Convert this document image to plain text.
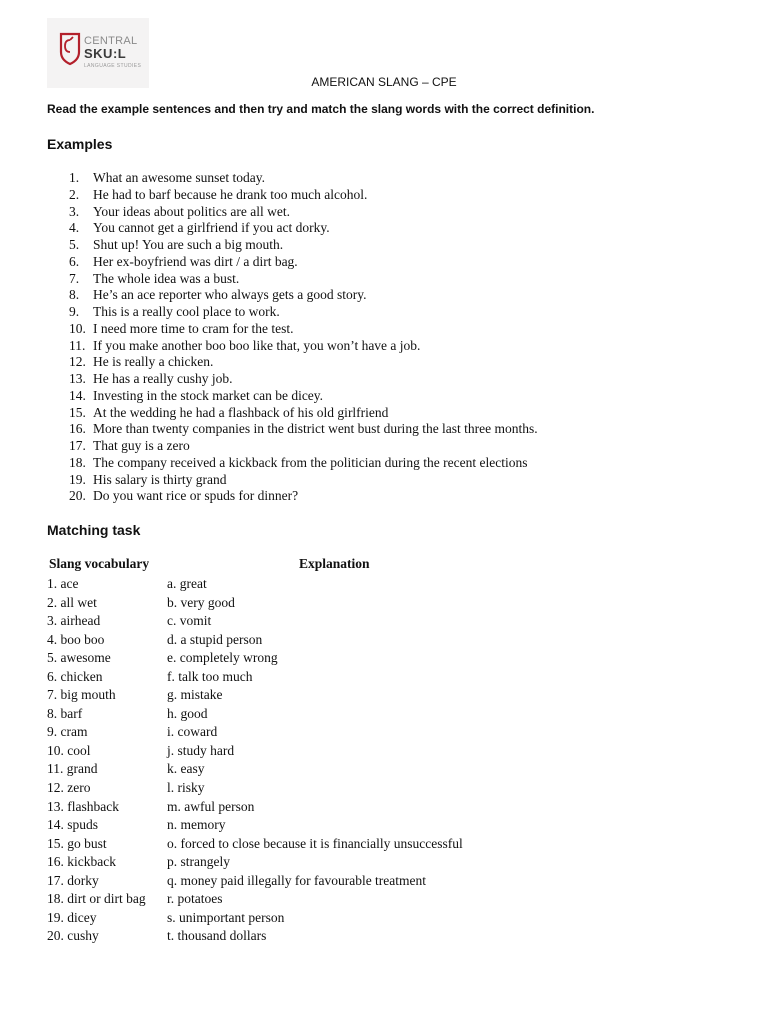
CENTRAL
SKU:L
LANGUAGE STUDIES
AMERICAN SLANG – CPE
Read the example sentences and then try and match the slang words with the correct definition.
Examples
1. What an awesome sunset today.
2. He had to barf because he drank too much alcohol.
3. Your ideas about politics are all wet.
4. You cannot get a girlfriend if you act dorky.
5. Shut up! You are such a big mouth.
6. Her ex-boyfriend was dirt / a dirt bag.
7. The whole idea was a bust.
8. He’s an ace reporter who always gets a good story.
9. This is a really cool place to work.
10. I need more time to cram for the test.
11. If you make another boo boo like that, you won’t have a job.
12. He is really a chicken.
13. He has a really cushy job.
14. Investing in the stock market can be dicey.
15. At the wedding he had a flashback of his old girlfriend
16. More than twenty companies in the district went bust during the last three months.
17. That guy is a zero
18. The company received a kickback from the politician during the recent elections
19. His salary is thirty grand
20. Do you want rice or spuds for dinner?
Matching task
Slang vocabulary	Explanation
1. ace	a. great
2. all wet	b. very good
3. airhead	c. vomit
4. boo boo	d. a stupid person
5. awesome	e. completely wrong
6. chicken	f. talk too much
7. big mouth	g. mistake
8. barf	h. good
9. cram	i. coward
10. cool	j. study hard
11. grand	k. easy
12. zero	l. risky
13. flashback	m. awful person
14. spuds	n. memory
15. go bust	o. forced to close because it is financially unsuccessful
16. kickback	p. strangely
17. dorky	q. money paid illegally for favourable treatment
18. dirt or dirt bag r. potatoes
19. dicey	s. unimportant person
20. cushy	t. thousand dollars
